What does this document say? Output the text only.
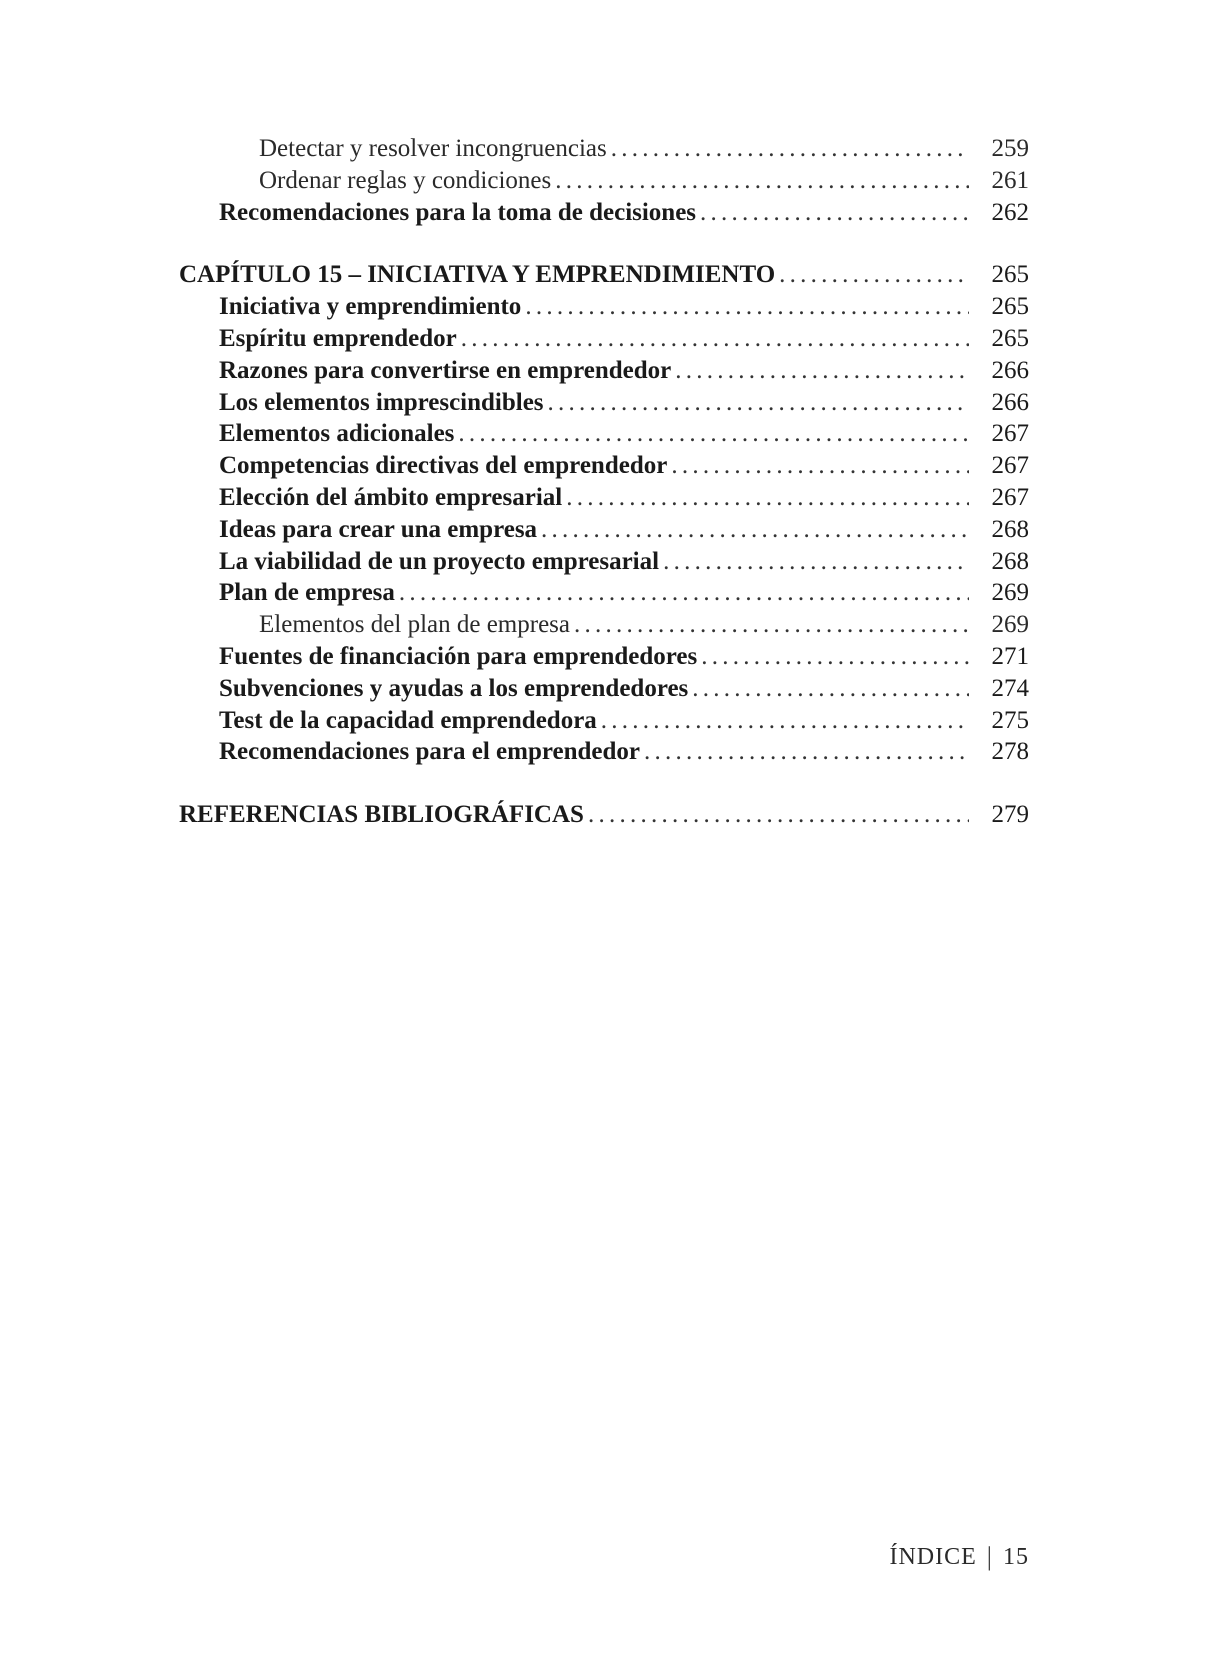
Detectar y resolver incongruencias . . .	259
Ordenar reglas y condiciones . . .	261
Recomendaciones para la toma de decisiones . . .	262
CAPÍTULO 15 – INICIATIVA Y EMPRENDIMIENTO . . .	265
Iniciativa y emprendimiento . . .	265
Espíritu emprendedor . . .	265
Razones para convertirse en emprendedor . . .	266
Los elementos imprescindibles . . .	266
Elementos adicionales . . .	267
Competencias directivas del emprendedor . . .	267
Elección del ámbito empresarial . . .	267
Ideas para crear una empresa . . .	268
La viabilidad de un proyecto empresarial . . .	268
Plan de empresa . . .	269
Elementos del plan de empresa . . .	269
Fuentes de financiación para emprendedores . . .	271
Subvenciones y ayudas a los emprendedores . . .	274
Test de la capacidad emprendedora . . .	275
Recomendaciones para el emprendedor . . .	278
REFERENCIAS BIBLIOGRÁFICAS . . .	279
ÍNDICE | 15
